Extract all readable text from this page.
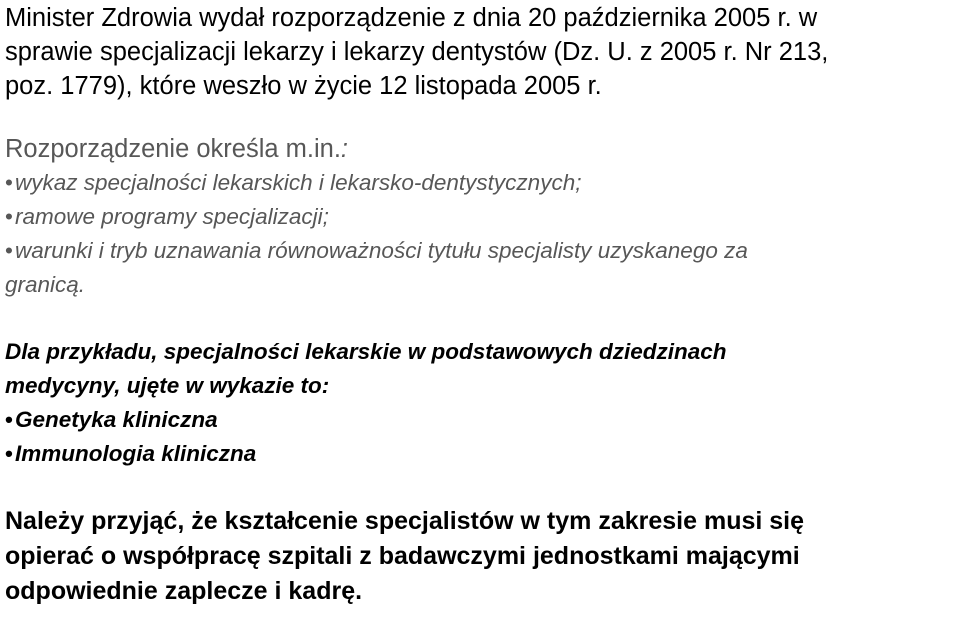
Minister Zdrowia wydał rozporządzenie z dnia 20 października 2005 r. w
sprawie specjalizacji lekarzy i lekarzy dentystów (Dz. U. z 2005 r. Nr 213,
poz. 1779), które weszło w życie 12 listopada 2005 r.

Rozporządzenie określa m.in.:

•wykaz specjalności lekarskich i lekarsko-dentystycznych;
•ramowe programy specjalizacji;
•warunki i tryb uznawania równoważności tytułu specjalisty uzyskanego za
granicą.

Dla przykładu, specjalności lekarskie w podstawowych dziedzinach

medycyny, ujęte w wykazie to:

•Genetyka kliniczna
•Immunologia kliniczna
Należy przyjąć, że kształcenie specjalistów w tym zakresie musi się
opierać o współpracę szpitali z badawczymi jednostkami mającymi
odpowiednie zaplecze i kadrę.
